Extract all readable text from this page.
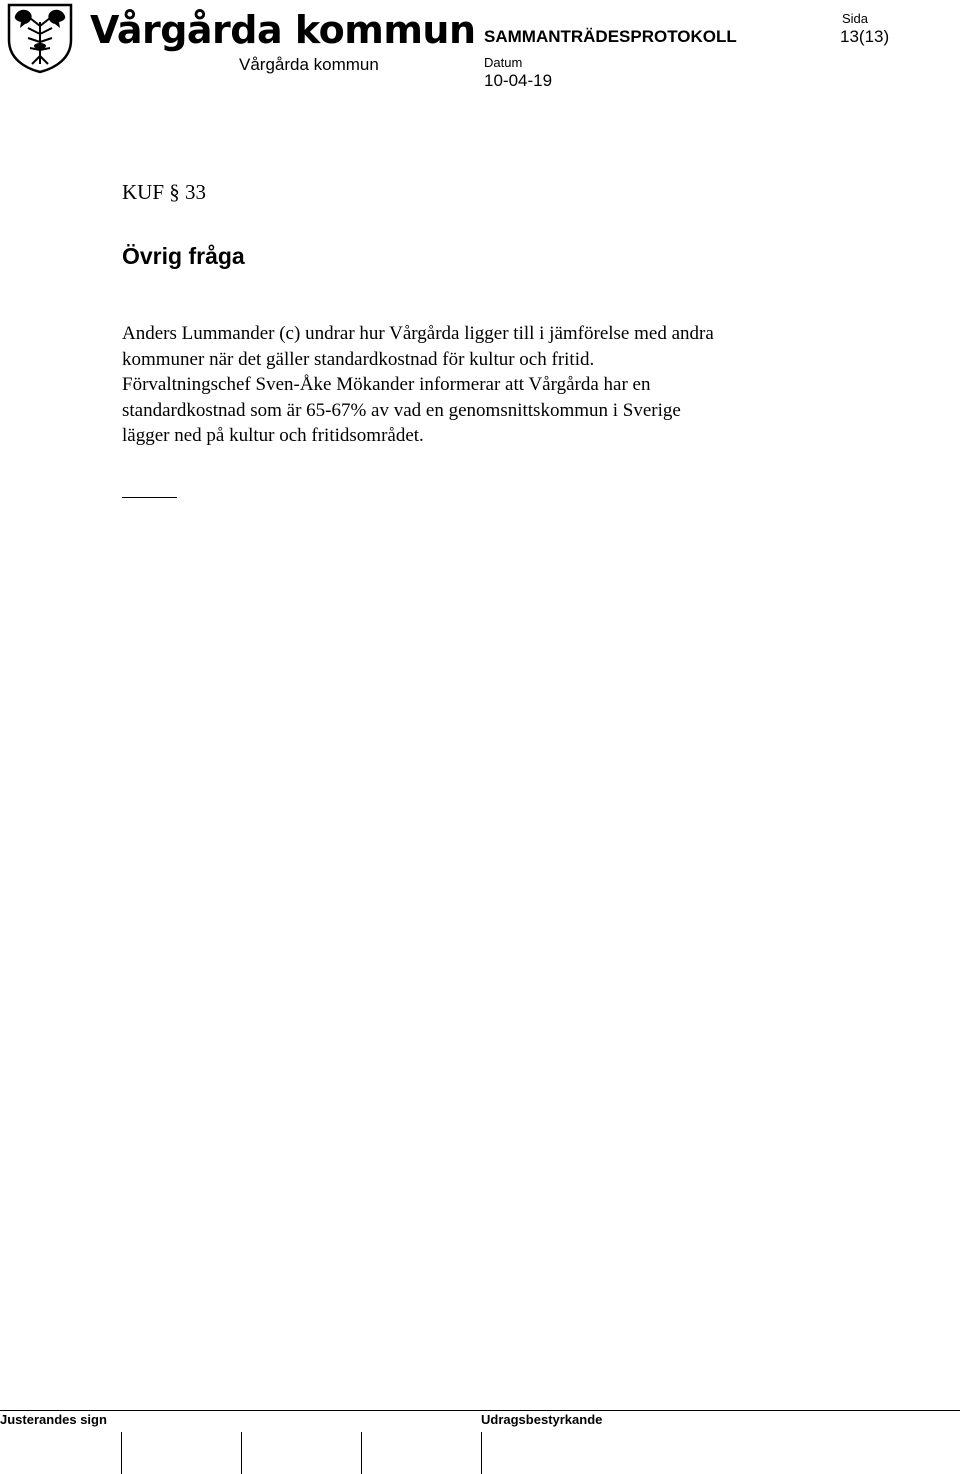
Vårgårda kommun
Vårgårda kommun
SAMMANTRÄDESPROTOKOLL
Datum
10-04-19
Sida
13(13)
KUF § 33
Övrig fråga

Anders Lummander (c) undrar hur Vårgårda ligger till i jämförelse med andra

kommuner när det gäller standardkostnad för kultur och fritid.

Förvaltningschef Sven-Åke Mökander informerar att Vårgårda har en

standardkostnad som är 65-67% av vad en genomsnittskommun i Sverige

lägger ned på kultur och fritidsområdet.

Justerandes sign	Udragsbestyrkande
